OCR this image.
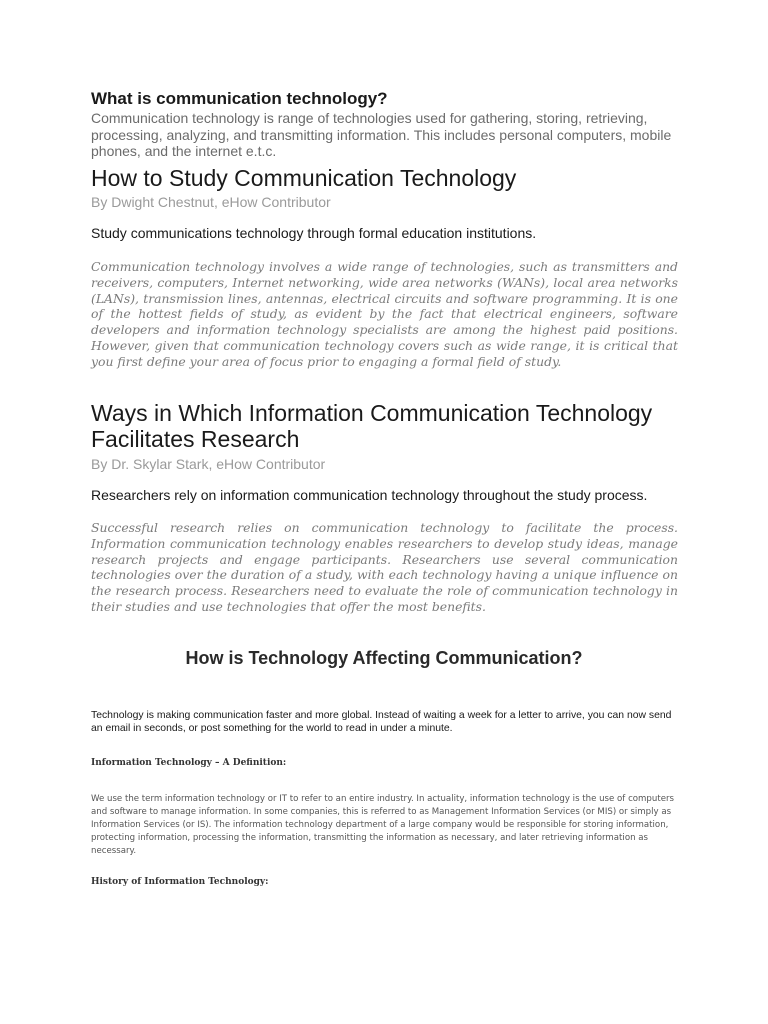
What is communication technology?

Communication technology is range of technologies used for gathering, storing, retrieving, processing, analyzing, and transmitting information. This includes personal computers, mobile phones, and the internet e.t.c.

How to Study Communication Technology

By Dwight Chestnut, eHow Contributor

Study communications technology through formal education institutions.

Communication technology involves a wide range of technologies, such as transmitters and receivers, computers, Internet networking, wide area networks (WANs), local area networks (LANs), transmission lines, antennas, electrical circuits and software programming. It is one of the hottest fields of study, as evident by the fact that electrical engineers, software developers and information technology specialists are among the highest paid positions. However, given that communication technology covers such as wide range, it is critical that you first define your area of focus prior to engaging a formal field of study.

Ways in Which Information Communication Technology Facilitates Research

By Dr. Skylar Stark, eHow Contributor

Researchers rely on information communication technology throughout the study process.

Successful research relies on communication technology to facilitate the process. Information communication technology enables researchers to develop study ideas, manage research projects and engage participants. Researchers use several communication technologies over the duration of a study, with each technology having a unique influence on the research process. Researchers need to evaluate the role of communication technology in their studies and use technologies that offer the most benefits.

How is Technology Affecting Communication?

Technology is making communication faster and more global. Instead of waiting a week for a letter to arrive, you can now send an email in seconds, or post something for the world to read in under a minute.

Information Technology – A Definition:

We use the term information technology or IT to refer to an entire industry. In actuality, information technology is the use of computers and software to manage information. In some companies, this is referred to as Management Information Services (or MIS) or simply as Information Services (or IS). The information technology department of a large company would be responsible for storing information, protecting information, processing the information, transmitting the information as necessary, and later retrieving information as necessary.

History of Information Technology:
